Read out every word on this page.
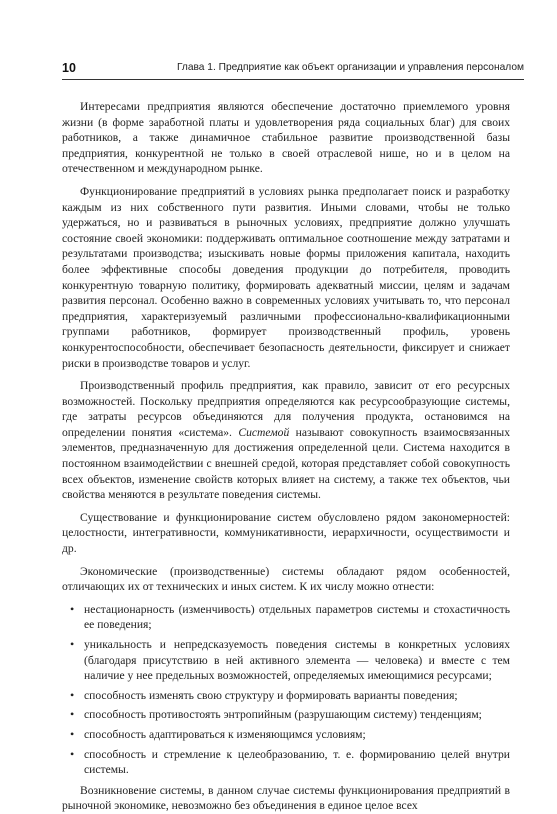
10	Глава 1. Предприятие как объект организации и управления персоналом

Интересами предприятия являются обеспечение достаточно приемлемого уровня жизни (в форме заработной платы и удовлетворения ряда социальных благ) для своих работников, а также динамичное стабильное развитие производственной базы предприятия, конкурентной не только в своей отраслевой нише, но и в целом на отечественном и международном рынке.

Функционирование предприятий в условиях рынка предполагает поиск и разработку каждым из них собственного пути развития. Иными словами, чтобы не только удержаться, но и развиваться в рыночных условиях, предприятие должно улучшать состояние своей экономики: поддерживать оптимальное соотношение между затратами и результатами производства; изыскивать новые формы приложения капитала, находить более эффективные способы доведения продукции до потребителя, проводить конкурентную товарную политику, формировать адекватный миссии, целям и задачам развития персонал. Особенно важно в современных условиях учитывать то, что персонал предприятия, характеризуемый различными профессионально-квалификационными группами работников, формирует производственный профиль, уровень конкурентоспособности, обеспечивает безопасность деятельности, фиксирует и снижает риски в производстве товаров и услуг.

Производственный профиль предприятия, как правило, зависит от его ресурсных возможностей. Поскольку предприятия определяются как ресурсообразующие системы, где затраты ресурсов объединяются для получения продукта, остановимся на определении понятия «система». Системой называют совокупность взаимосвязанных элементов, предназначенную для достижения определенной цели. Система находится в постоянном взаимодействии с внешней средой, которая представляет собой совокупность всех объектов, изменение свойств которых влияет на систему, а также тех объектов, чьи свойства меняются в результате поведения системы.

Существование и функционирование систем обусловлено рядом закономерностей: целостности, интегративности, коммуникативности, иерархичности, осуществимости и др.

Экономические (производственные) системы обладают рядом особенностей, отличающих их от технических и иных систем. К их числу можно отнести:

• нестационарность (изменчивость) отдельных параметров системы и стохастичность ее поведения;
• уникальность и непредсказуемость поведения системы в конкретных условиях (благодаря присутствию в ней активного элемента — человека) и вместе с тем наличие у нее предельных возможностей, определяемых имеющимися ресурсами;
• способность изменять свою структуру и формировать варианты поведения;
• способность противостоять энтропийным (разрушающим систему) тенденциям;
• способность адаптироваться к изменяющимся условиям;
• способность и стремление к целеобразованию, т. е. формированию целей внутри системы.

Возникновение системы, в данном случае системы функционирования предприятий в рыночной экономике, невозможно без объединения в единое целое всех
